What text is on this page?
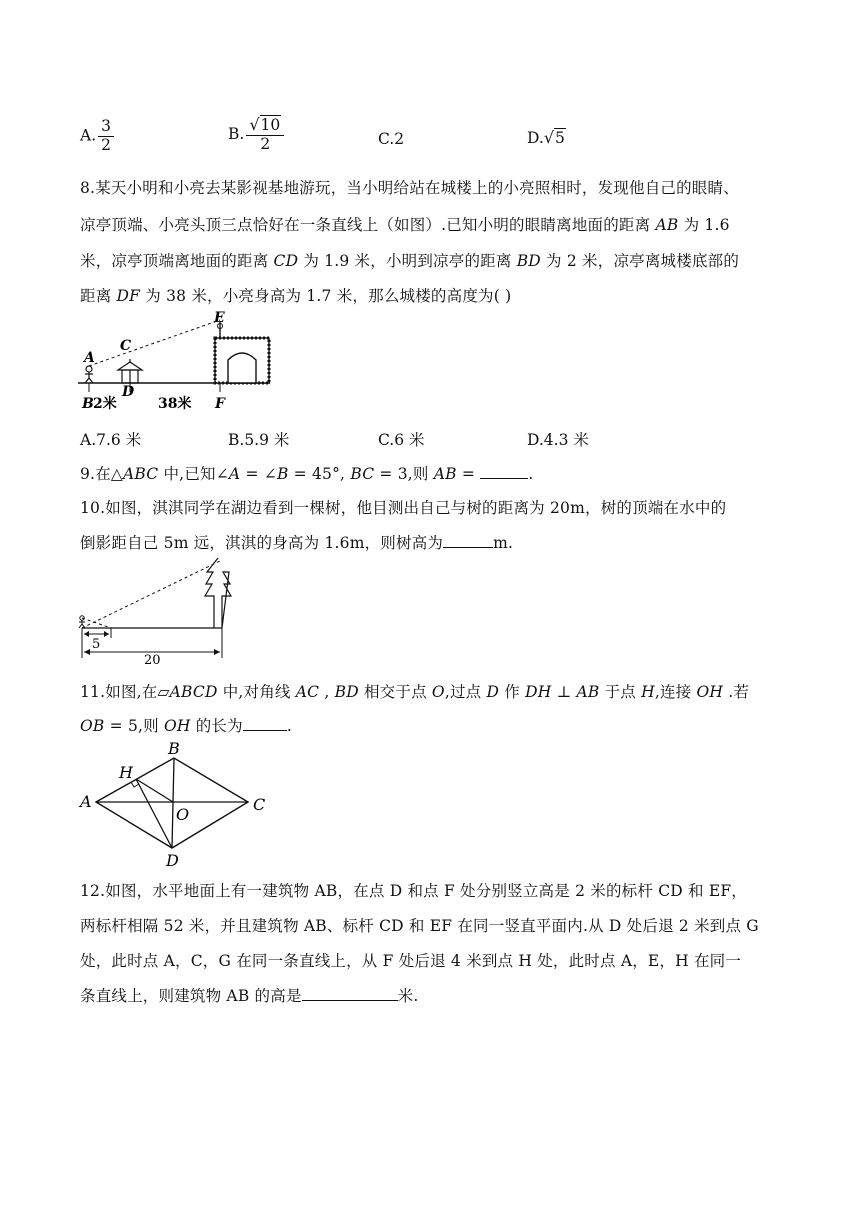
A. $\frac{3}{2}$	B. $\frac{√10}{2}$	C.2	D.√5
8.某天小明和小亮去某影视基地游玩，当小明给站在城楼上的小亮照相时，发现他自己的眼睛、
凉亭顶端、小亮头顶三点恰好在一条直线上（如图）.已知小明的眼睛离地面的距离 AB 为 1.6
米，凉亭顶端离地面的距离 CD 为 1.9 米，小明到凉亭的距离 BD 为 2 米，凉亭离城楼底部的
距离 DF 为 38 米，小亮身高为 1.7 米，那么城楼的高度为( )
E
C
A
B
D
F
2米	38米
A.7.6 米	B.5.9 米	C.6 米	D.4.3 米
9.在△ABC 中,已知∠A = ∠B = 45°, BC = 3,则 AB =	.
10.如图，淇淇同学在湖边看到一棵树，他目测出自己与树的距离为 20m，树的顶端在水中的
倒影距自己 5m 远，淇淇的身高为 1.6m，则树高为	m.
5
20
11.如图,在▱ABCD 中,对角线 AC , BD 相交于点 O,过点 D 作 DH ⊥ AB 于点 H,连接 OH .若
OB = 5,则 OH 的长为	.
H
A
B
C
D
O
12.如图，水平地面上有一建筑物 AB，在点 D 和点 F 处分别竖立高是 2 米的标杆 CD 和 EF，
两标杆相隔 52 米，并且建筑物 AB、标杆 CD 和 EF 在同一竖直平面内.从 D 处后退 2 米到点 G
处，此时点 A，C，G 在同一条直线上，从 F 处后退 4 米到点 H 处，此时点 A，E，H 在同一
条直线上，则建筑物 AB 的高是	米.
